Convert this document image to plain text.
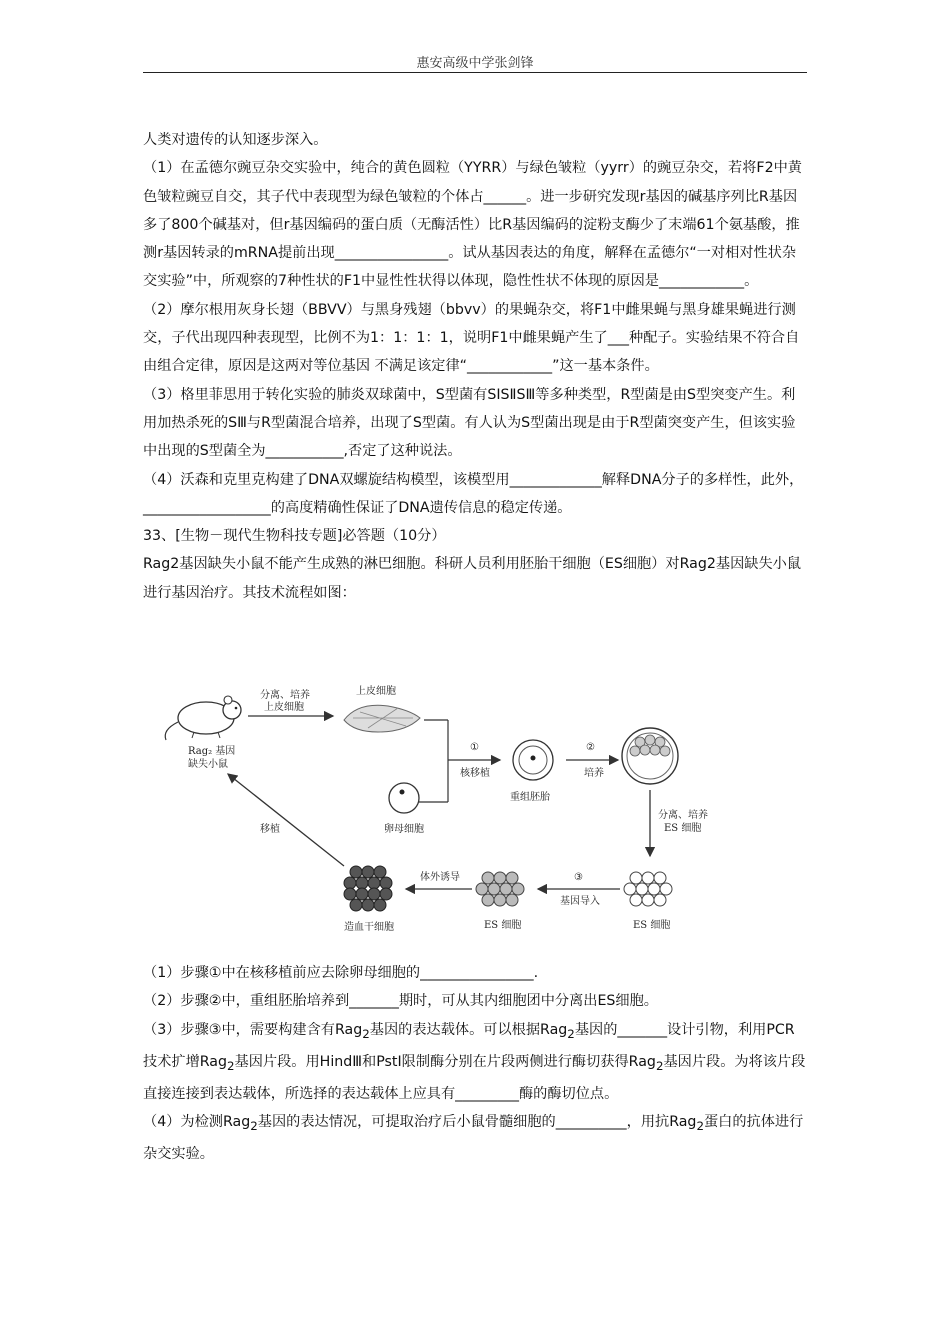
惠安高级中学张剑锋

人类对遗传的认知逐步深入。

（1）在孟德尔豌豆杂交实验中，纯合的黄色圆粒（YYRR）与绿色皱粒（yyrr）的豌豆杂交，若将F2中黄色皱粒豌豆自交，其子代中表现型为绿色皱粒的个体占______。进一步研究发现r基因的碱基序列比R基因多了800个碱基对，但r基因编码的蛋白质（无酶活性）比R基因编码的淀粉支酶少了末端61个氨基酸，推测r基因转录的mRNA提前出现________________。试从基因表达的角度，解释在孟德尔“一对相对性状杂交实验”中，所观察的7种性状的F1中显性性状得以体现，隐性性状不体现的原因是____________。

（2）摩尔根用灰身长翅（BBVV）与黑身残翅（bbvv）的果蝇杂交，将F1中雌果蝇与黑身雄果蝇进行测交，子代出现四种表现型，比例不为1：1：1：1，说明F1中雌果蝇产生了___种配子。实验结果不符合自由组合定律，原因是这两对等位基因 不满足该定律“____________”这一基本条件。

（3）格里菲思用于转化实验的肺炎双球菌中，S型菌有SⅠSⅡSⅢ等多种类型，R型菌是由S型突变产生。利用加热杀死的SⅢ与R型菌混合培养，出现了S型菌。有人认为S型菌出现是由于R型菌突变产生，但该实验中出现的S型菌全为___________,否定了这种说法。

（4）沃森和克里克构建了DNA双螺旋结构模型，该模型用_____________解释DNA分子的多样性，此外，__________________的高度精确性保证了DNA遗传信息的稳定传递。

33、[生物－现代生物科技专题]必答题（10分）

Rag2基因缺失小鼠不能产生成熟的淋巴细胞。科研人员利用胚胎干细胞（ES细胞）对Rag2基因缺失小鼠进行基因治疗。其技术流程如图：

Rag₂ 基因
缺失小鼠
分离、培养
上皮细胞
上皮细胞
①
核移植
卵母细胞
重组胚胎
②
培养
分离、培养
ES 细胞
ES 细胞
③
基因导入
ES 细胞
体外诱导
造血干细胞
移植

（1）步骤①中在核移植前应去除卵母细胞的________________.

（2）步骤②中，重组胚胎培养到_______期时，可从其内细胞团中分离出ES细胞。

（3）步骤③中，需要构建含有Rag$_2$基因的表达载体。可以根据Rag$_2$基因的_______设计引物，利用PCR技术扩增Rag$_2$基因片段。用HindⅢ和PstⅠ限制酶分别在片段两侧进行酶切获得Rag$_2$基因片段。为将该片段直接连接到表达载体，所选择的表达载体上应具有_________酶的酶切位点。

（4）为检测Rag$_2$基因的表达情况，可提取治疗后小鼠骨髓细胞的__________，用抗Rag$_2$蛋白的抗体进行杂交实验。
